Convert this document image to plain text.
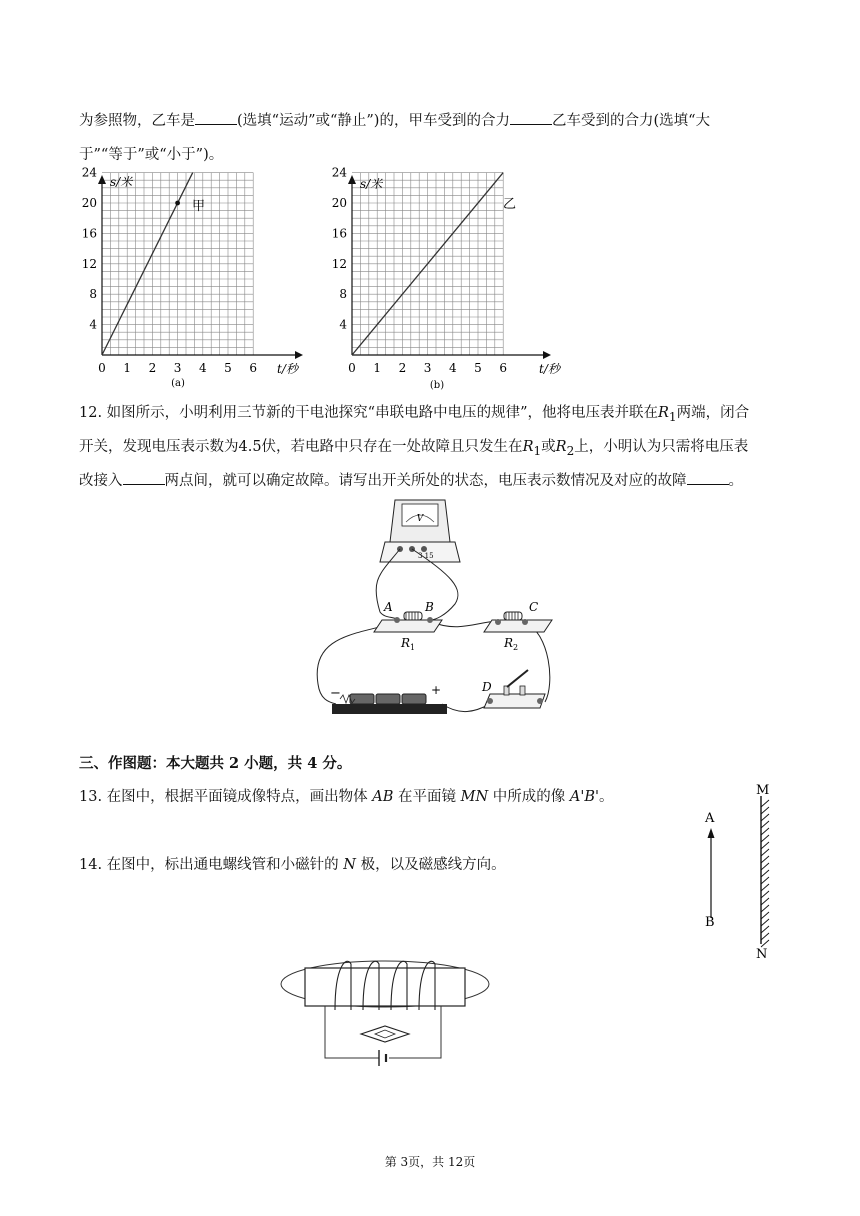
为参照物，乙车是	(选填“运动”或“静止”)的，甲车受到的合力	乙车受到的合力(选填“大
于”“等于”或“小于”)。
s/米
t/秒
4
8
12
16
20
24
0 1 2 3 4 5 6
甲
(a)
s/米
t/秒
4
8
12
16
20
24
0 1 2 3 4 5 6
乙
(b)
12. 如图所示，小明利用三节新的干电池探究“串联电路中电压的规律”，他将电压表并联在$R_1$两端，闭合
开关，发现电压表示数为4.5伏，若电路中只存在一处故障且只发生在$R_1$或$R_2$上，小明认为只需将电压表
改接入	两点间，就可以确定故障。请写出开关所处的状态，电压表示数情况及对应的故障	。
V
3 15
A	B
R 1
C
R 2
−	+	D
三、作图题：本大题共 2 小题，共 4 分。
13. 在图中，根据平面镜成像特点，画出物体 AB 在平面镜 MN 中所成的像 A'B'。	M
N
A
B
14. 在图中，标出通电螺线管和小磁针的 N 极，以及磁感线方向。
第 3页，共 12页
